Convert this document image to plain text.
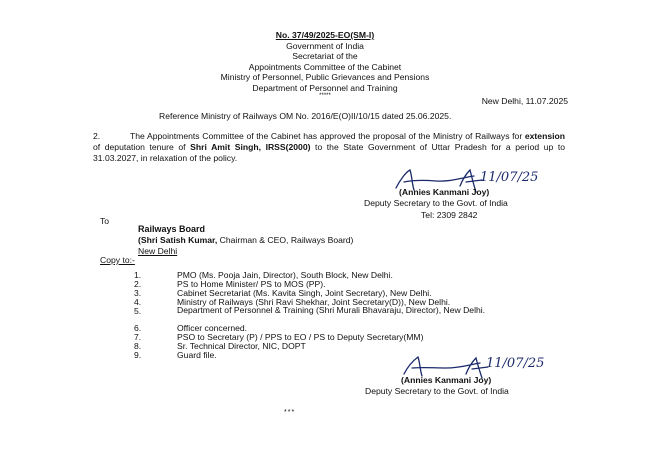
No. 37/49/2025-EO(SM-I)
Government of India
Secretariat of the
Appointments Committee of the Cabinet
Ministry of Personnel, Public Grievances and Pensions
Department of Personnel and Training
*****	New Delhi, 11.07.2025
Reference Ministry of Railways OM No. 2016/E(O)II/10/15 dated 25.06.2025.
2.	The Appointments Committee of the Cabinet has approved the proposal of the Ministry of Railways for extension of deputation tenure of Shri Amit Singh, IRSS(2000) to the State Government of Uttar Pradesh for a period up to 31.03.2027, in relaxation of the policy.
11/07/25
(Annies Kanmani Joy)
Deputy Secretary to the Govt. of India
Tel: 2309 2842
To
Railways Board
(Shri Satish Kumar, Chairman & CEO, Railways Board)
New Delhi
Copy to:-
1.	PMO (Ms. Pooja Jain, Director), South Block, New Delhi.
2.	PS to Home Minister/ PS to MOS (PP).
3.	Cabinet Secretariat (Ms. Kavita Singh, Joint Secretary), New Delhi.
4.	Ministry of Railways (Shri Ravi Shekhar, Joint Secretary(D)), New Delhi.
5.	Department of Personnel & Training (Shri Murali Bhavaraju, Director), New Delhi.
6.	Officer concerned.
7.	PSO to Secretary (P) / PPS to EO / PS to Deputy Secretary(MM)
8.	Sr. Technical Director, NIC, DOPT
9.	Guard file.
11/07/25
(Annies Kanmani Joy)
Deputy Secretary to the Govt. of India
***
